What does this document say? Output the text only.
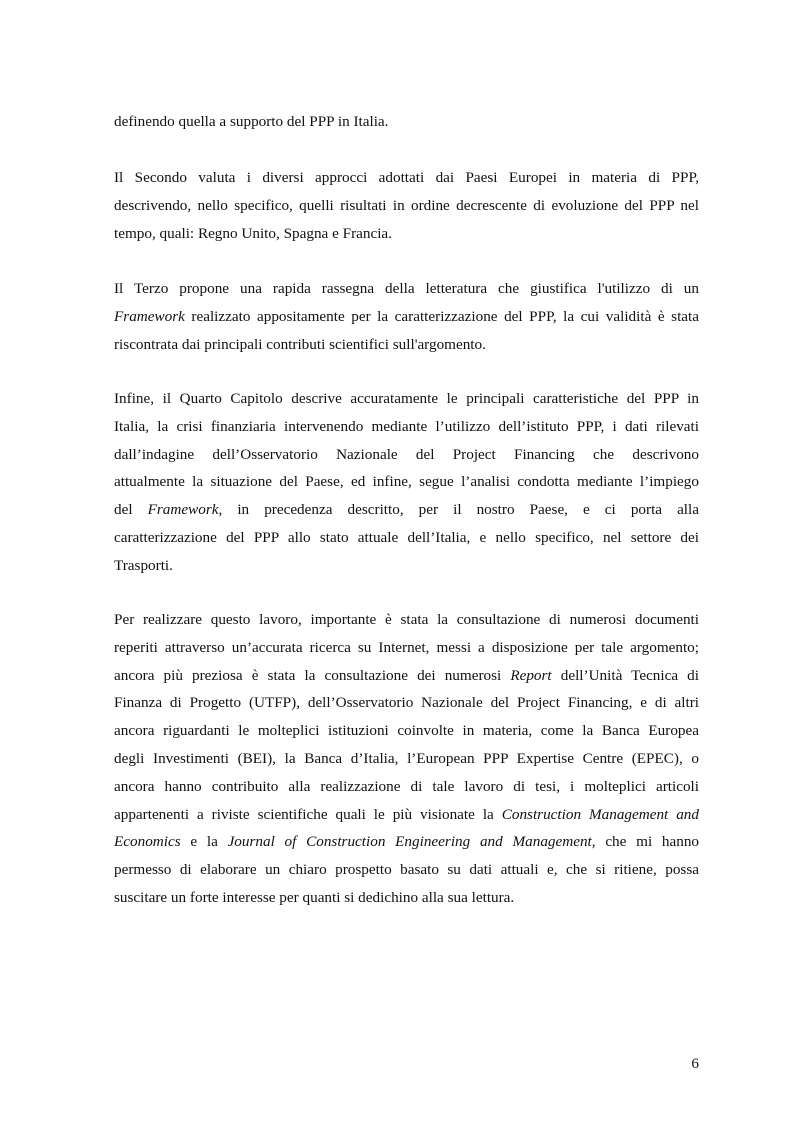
definendo quella a supporto del PPP in Italia.

Il Secondo valuta i diversi approcci adottati dai Paesi Europei in materia di PPP,
descrivendo, nello specifico, quelli risultati in ordine decrescente di evoluzione del PPP nel
tempo, quali: Regno Unito, Spagna e Francia.

Il Terzo propone una rapida rassegna della letteratura che giustifica l'utilizzo di un
Framework realizzato appositamente per la caratterizzazione del PPP, la cui validità è stata
riscontrata dai principali contributi scientifici sull'argomento.

Infine, il Quarto Capitolo descrive accuratamente le principali caratteristiche del PPP in
Italia, la crisi finanziaria intervenendo mediante l’utilizzo dell’istituto PPP, i dati rilevati
dall’indagine dell’Osservatorio Nazionale del Project Financing che descrivono
attualmente la situazione del Paese, ed infine, segue l’analisi condotta mediante l’impiego
del Framework, in precedenza descritto, per il nostro Paese, e ci porta alla
caratterizzazione del PPP allo stato attuale dell’Italia, e nello specifico, nel settore dei
Trasporti.

Per realizzare questo lavoro, importante è stata la consultazione di numerosi documenti
reperiti attraverso un’accurata ricerca su Internet, messi a disposizione per tale argomento;
ancora più preziosa è stata la consultazione dei numerosi Report dell’Unità Tecnica di
Finanza di Progetto (UTFP), dell’Osservatorio Nazionale del Project Financing, e di altri
ancora riguardanti le molteplici istituzioni coinvolte in materia, come la Banca Europea
degli Investimenti (BEI), la Banca d’Italia, l’European PPP Expertise Centre (EPEC), o
ancora hanno contribuito alla realizzazione di tale lavoro di tesi, i molteplici articoli
appartenenti a riviste scientifiche quali le più visionate la Construction Management and
Economics e la Journal of Construction Engineering and Management, che mi hanno
permesso di elaborare un chiaro prospetto basato su dati attuali e, che si ritiene, possa
suscitare un forte interesse per quanti si dedichino alla sua lettura.

6
